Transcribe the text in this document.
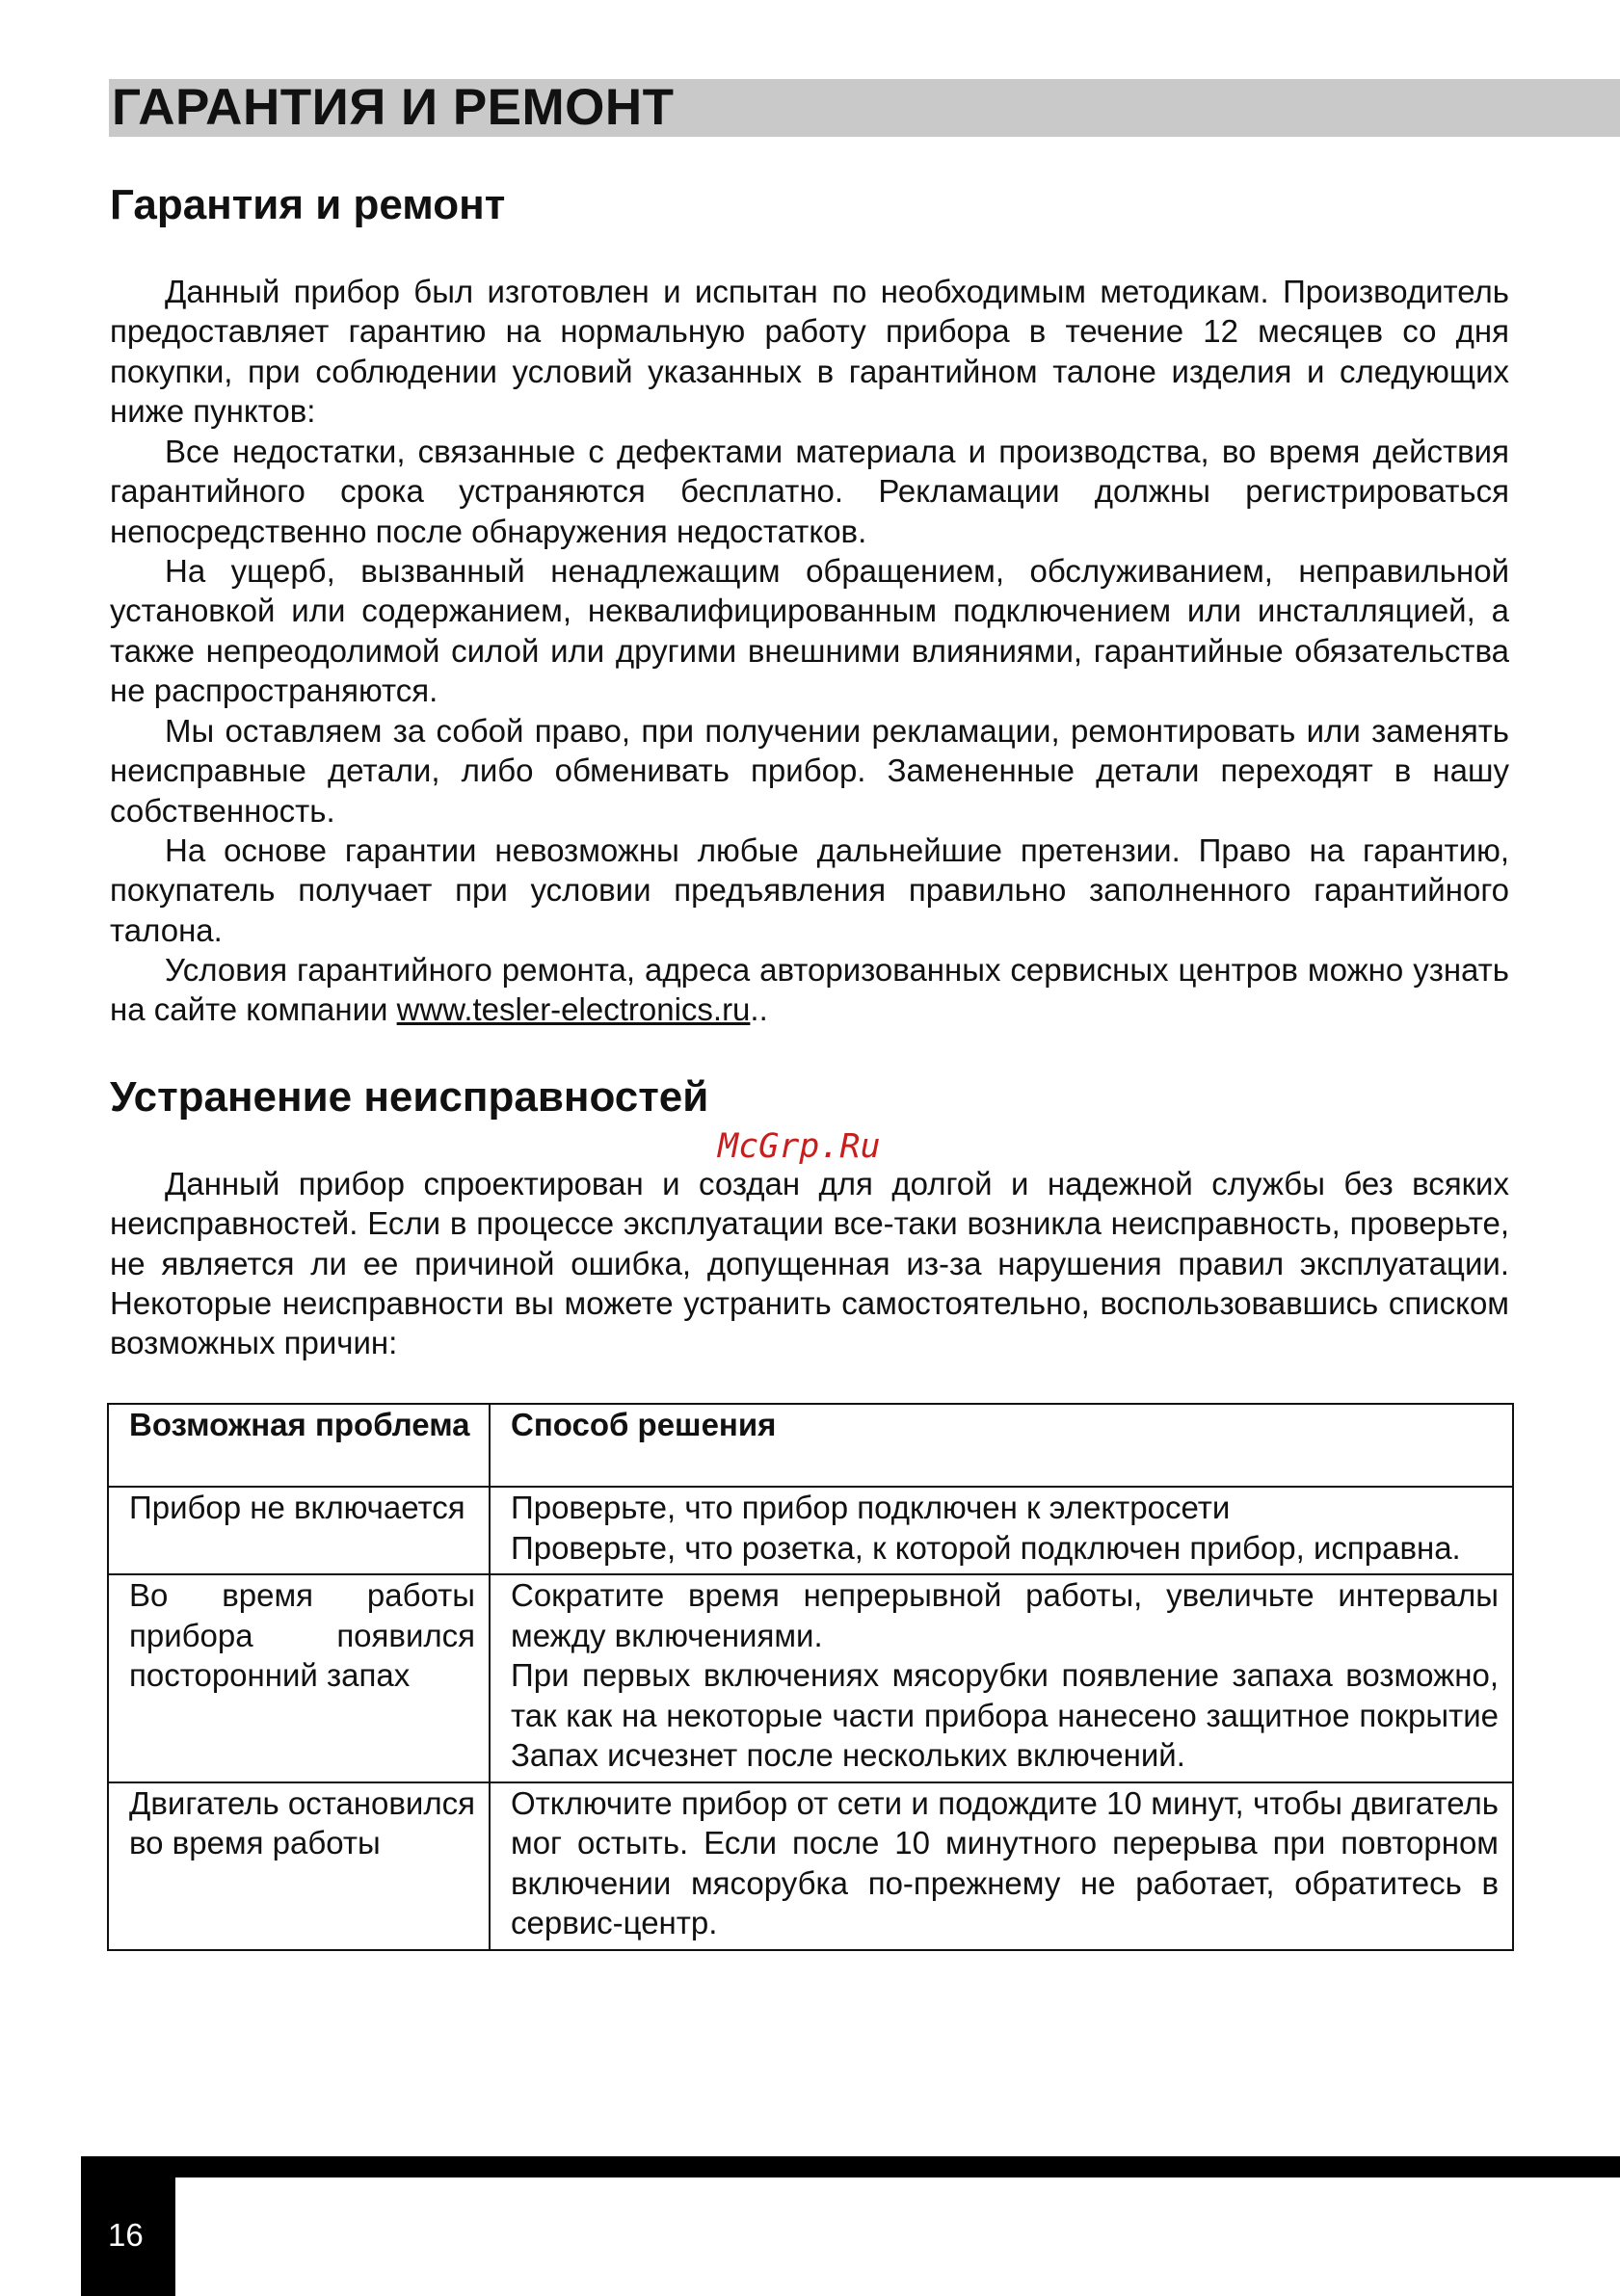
ГАРАНТИЯ И РЕМОНТ
Гарантия и ремонт

Данный прибор был изготовлен и испытан по необходимым методикам. Производитель предоставляет гарантию на нормальную работу прибора в течение 12 месяцев со дня покупки, при соблюдении условий указанных в гарантийном талоне изделия и следующих ниже пунктов:

Все недостатки, связанные с дефектами материала и производства, во время действия гарантийного срока устраняются бесплатно. Рекламации должны регистрироваться непосредственно после обнаружения недостатков.

На ущерб, вызванный ненадлежащим обращением, обслуживанием, неправильной установкой или содержанием, неквалифицированным подключением или инсталляцией, а также непреодолимой силой или другими внешними влияниями, гарантийные обязательства не распространяются.

Мы оставляем за собой право, при получении рекламации, ремонтировать или заменять неисправные детали, либо обменивать прибор. Замененные детали переходят в нашу собственность.

На основе гарантии невозможны любые дальнейшие претензии. Право на гарантию, покупатель получает при условии предъявления правильно заполненного гарантийного талона.

Условия гарантийного ремонта, адреса авторизованных сервисных центров можно узнать на сайте компании www.tesler-electronics.ru..

Устранение неисправностей

McGrp.Ru

Данный прибор спроектирован и создан для долгой и надежной службы без всяких неисправностей. Если в процессе эксплуатации все-таки возникла неисправность, проверьте, не является ли ее причиной ошибка, допущенная из-за нарушения правил эксплуатации. Некоторые неисправности вы можете устранить самостоятельно, воспользовавшись списком возможных причин:

Возможная проблема	Способ решения
Прибор не включается	Проверьте, что прибор подключен к электросети
Проверьте, что розетка, к которой подключен прибор, исправна.

Во время работы прибора появился посторонний запах	Сократите время непрерывной работы, увеличьте интервалы между включениями.
При первых включениях мясорубки появление запаха возможно, так как на некоторые части прибора нанесено защитное покрытие Запах исчезнет после нескольких включений.

Двигатель остановился во время работы	Отключите прибор от сети и подождите 10 минут, чтобы двигатель мог остыть. Если после 10 минутного перерыва при повторном включении мясорубка по-прежнему не работает, обратитесь в сервис-центр.

16
